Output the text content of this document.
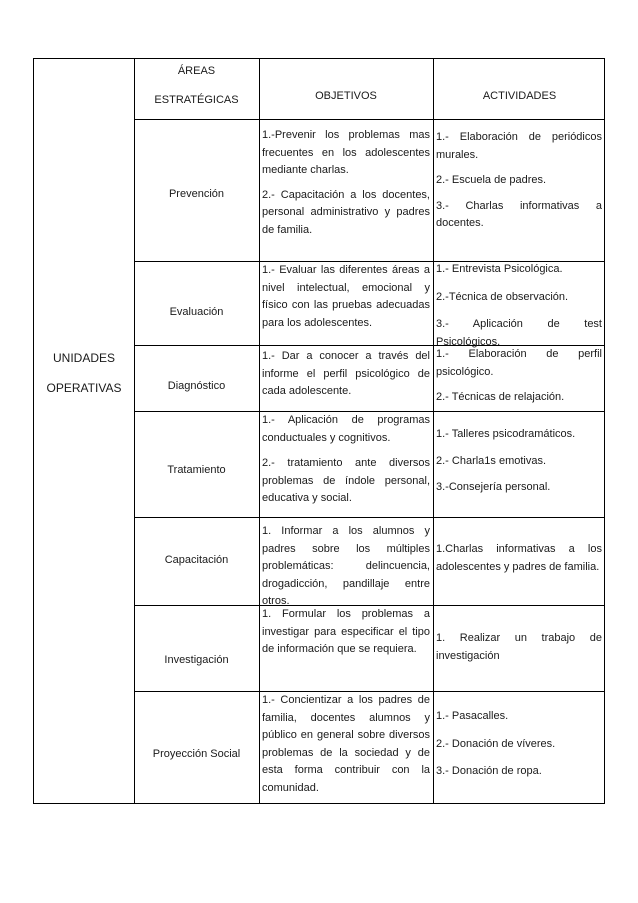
ÁREAS
ESTRATÉGICAS	OBJETIVOS	ACTIVIDADES
UNIDADES
OPERATIVAS
Prevención

1.-Prevenir los problemas mas frecuentes en los adolescentes mediante charlas.

2.- Capacitación a los docentes, personal administrativo y padres de familia.

1.- Elaboración de periódicos murales.

2.- Escuela de padres.

3.- Charlas informativas a docentes.

Evaluación

1.- Evaluar las diferentes áreas a nivel intelectual, emocional y físico con las pruebas adecuadas para los adolescentes.

1.- Entrevista Psicológica.

2.-Técnica de observación.

3.- Aplicación de test Psicológicos.

Diagnóstico

1.- Dar a conocer a través del informe el perfil psicológico de cada adolescente.

1.- Elaboración de perfil psicológico.

2.- Técnicas de relajación.

Tratamiento

1.- Aplicación de programas conductuales y cognitivos.

2.- tratamiento ante diversos problemas de índole personal, educativa y social.

1.- Talleres psicodramáticos.

2.- Charla1s emotivas.

3.-Consejería personal.

Capacitación

1. Informar a los alumnos y padres sobre los múltiples problemáticas: delincuencia, drogadicción, pandillaje entre otros.

1.Charlas informativas a los adolescentes y padres de familia.

Investigación

1. Formular los problemas a investigar para especificar el tipo de información que se requiera.

1. Realizar un trabajo de investigación

Proyección Social

1.- Concientizar a los padres de familia, docentes alumnos y público en general sobre diversos problemas de la sociedad y de esta forma contribuir con la comunidad.

1.- Pasacalles.

2.- Donación de víveres.

3.- Donación de ropa.
